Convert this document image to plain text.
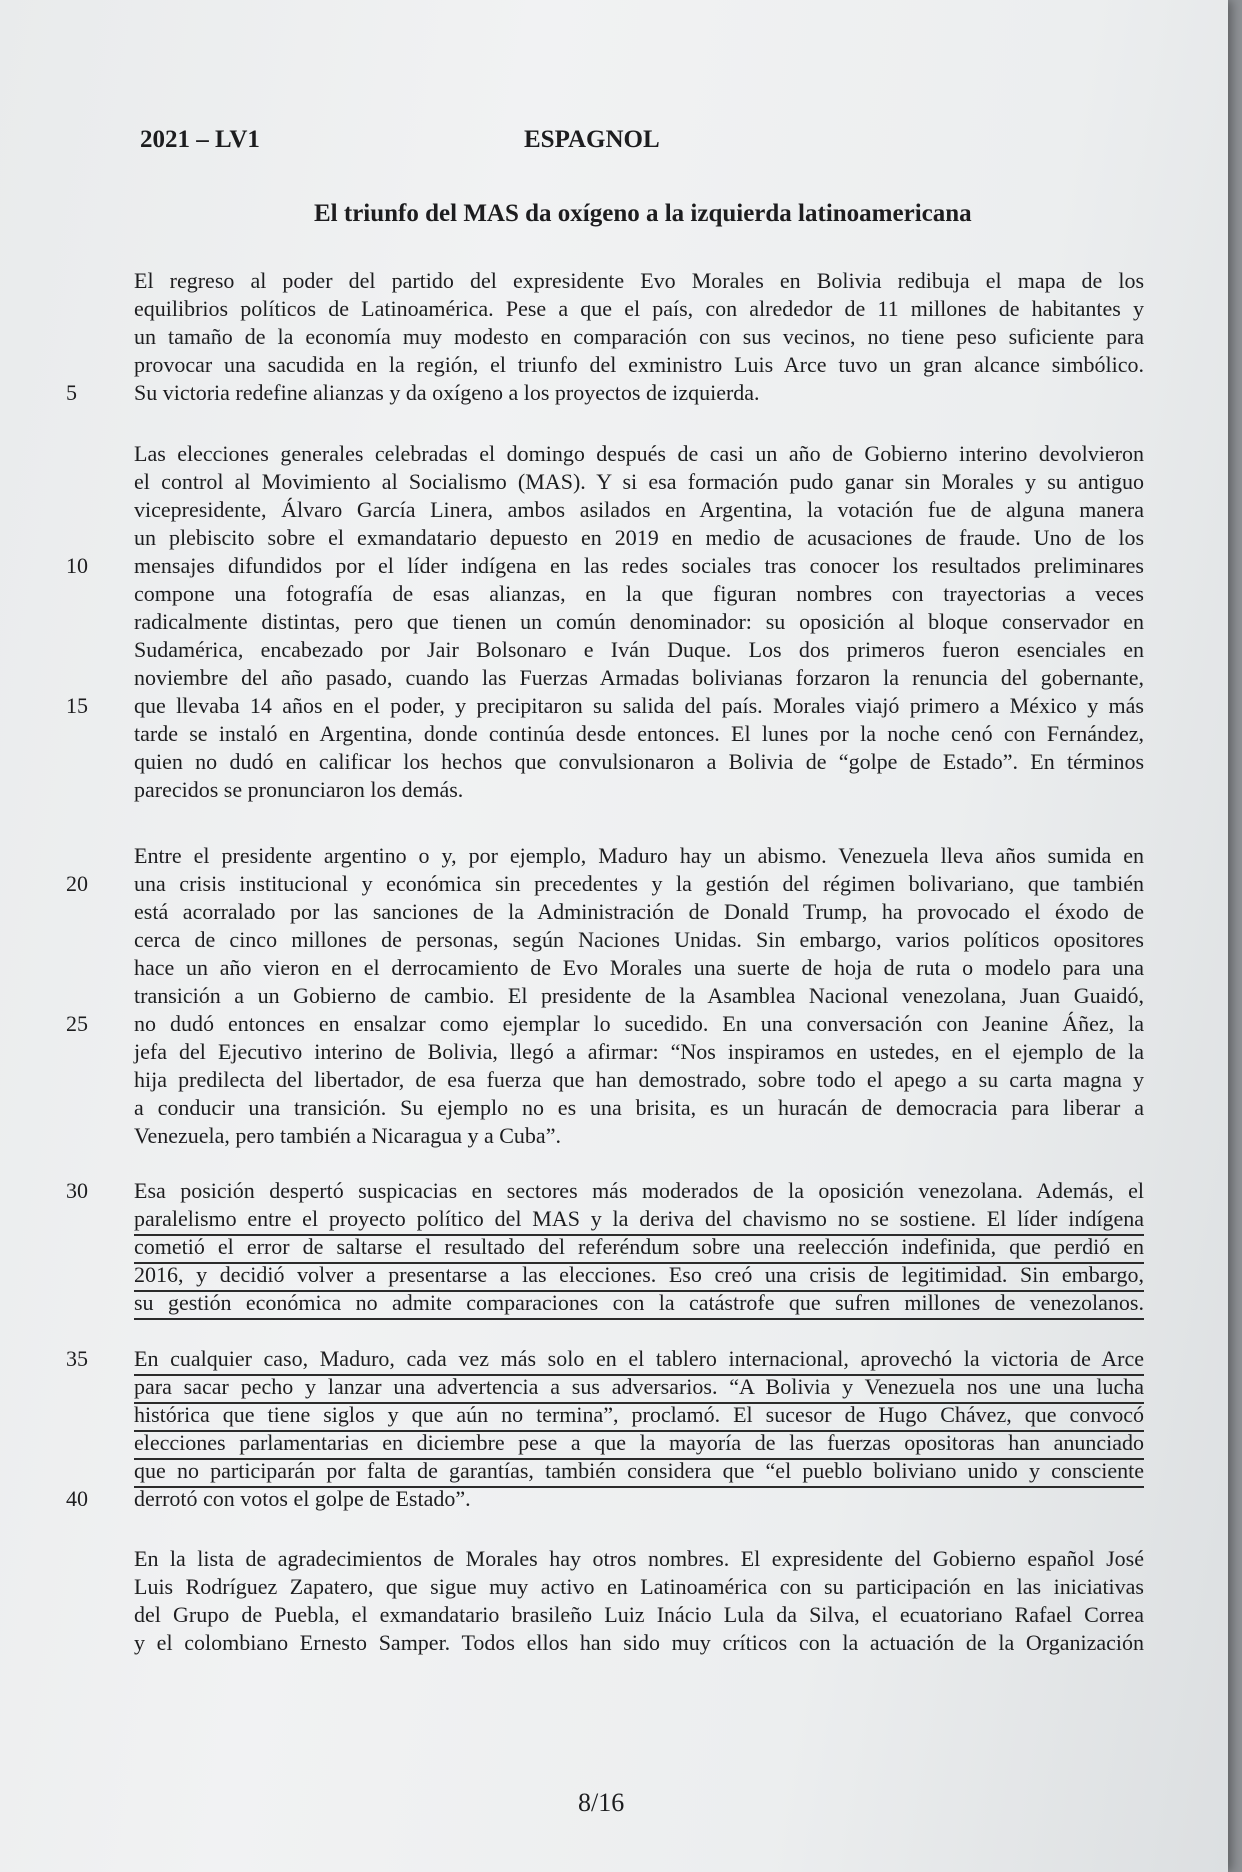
2021 – LV1	ESPAGNOL
El triunfo del MAS da oxígeno a la izquierda latinoamericana
El regreso al poder del partido del expresidente Evo Morales en Bolivia redibuja el mapa de los
equilibrios políticos de Latinoamérica. Pese a que el país, con alrededor de 11 millones de habitantes y
un tamaño de la economía muy modesto en comparación con sus vecinos, no tiene peso suficiente para
provocar una sacudida en la región, el triunfo del exministro Luis Arce tuvo un gran alcance simbólico.
Su victoria redefine alianzas y da oxígeno a los proyectos de izquierda.
Las elecciones generales celebradas el domingo después de casi un año de Gobierno interino devolvieron
el control al Movimiento al Socialismo (MAS). Y si esa formación pudo ganar sin Morales y su antiguo
vicepresidente, Álvaro García Linera, ambos asilados en Argentina, la votación fue de alguna manera
un plebiscito sobre el exmandatario depuesto en 2019 en medio de acusaciones de fraude. Uno de los
mensajes difundidos por el líder indígena en las redes sociales tras conocer los resultados preliminares
compone una fotografía de esas alianzas, en la que figuran nombres con trayectorias a veces
radicalmente distintas, pero que tienen un común denominador: su oposición al bloque conservador en
Sudamérica, encabezado por Jair Bolsonaro e Iván Duque. Los dos primeros fueron esenciales en
noviembre del año pasado, cuando las Fuerzas Armadas bolivianas forzaron la renuncia del gobernante,
que llevaba 14 años en el poder, y precipitaron su salida del país. Morales viajó primero a México y más
tarde se instaló en Argentina, donde continúa desde entonces. El lunes por la noche cenó con Fernández,
quien no dudó en calificar los hechos que convulsionaron a Bolivia de “golpe de Estado”. En términos
parecidos se pronunciaron los demás.
Entre el presidente argentino o y, por ejemplo, Maduro hay un abismo. Venezuela lleva años sumida en
una crisis institucional y económica sin precedentes y la gestión del régimen bolivariano, que también
está acorralado por las sanciones de la Administración de Donald Trump, ha provocado el éxodo de
cerca de cinco millones de personas, según Naciones Unidas. Sin embargo, varios políticos opositores
hace un año vieron en el derrocamiento de Evo Morales una suerte de hoja de ruta o modelo para una
transición a un Gobierno de cambio. El presidente de la Asamblea Nacional venezolana, Juan Guaidó,
no dudó entonces en ensalzar como ejemplar lo sucedido. En una conversación con Jeanine Áñez, la
jefa del Ejecutivo interino de Bolivia, llegó a afirmar: “Nos inspiramos en ustedes, en el ejemplo de la
hija predilecta del libertador, de esa fuerza que han demostrado, sobre todo el apego a su carta magna y
a conducir una transición. Su ejemplo no es una brisita, es un huracán de democracia para liberar a
Venezuela, pero también a Nicaragua y a Cuba”.
Esa posición despertó suspicacias en sectores más moderados de la oposición venezolana. Además, el
paralelismo entre el proyecto político del MAS y la deriva del chavismo no se sostiene. El líder indígena
cometió el error de saltarse el resultado del referéndum sobre una reelección indefinida, que perdió en
2016, y decidió volver a presentarse a las elecciones. Eso creó una crisis de legitimidad. Sin embargo,
su gestión económica no admite comparaciones con la catástrofe que sufren millones de venezolanos.
En cualquier caso, Maduro, cada vez más solo en el tablero internacional, aprovechó la victoria de Arce
para sacar pecho y lanzar una advertencia a sus adversarios. “A Bolivia y Venezuela nos une una lucha
histórica que tiene siglos y que aún no termina”, proclamó. El sucesor de Hugo Chávez, que convocó
elecciones parlamentarias en diciembre pese a que la mayoría de las fuerzas opositoras han anunciado
que no participarán por falta de garantías, también considera que “el pueblo boliviano unido y consciente
derrotó con votos el golpe de Estado”.
En la lista de agradecimientos de Morales hay otros nombres. El expresidente del Gobierno español José
Luis Rodríguez Zapatero, que sigue muy activo en Latinoamérica con su participación en las iniciativas
del Grupo de Puebla, el exmandatario brasileño Luiz Inácio Lula da Silva, el ecuatoriano Rafael Correa
y el colombiano Ernesto Samper. Todos ellos han sido muy críticos con la actuación de la Organización
5
10
15
20
25
30
35
40
8/16
